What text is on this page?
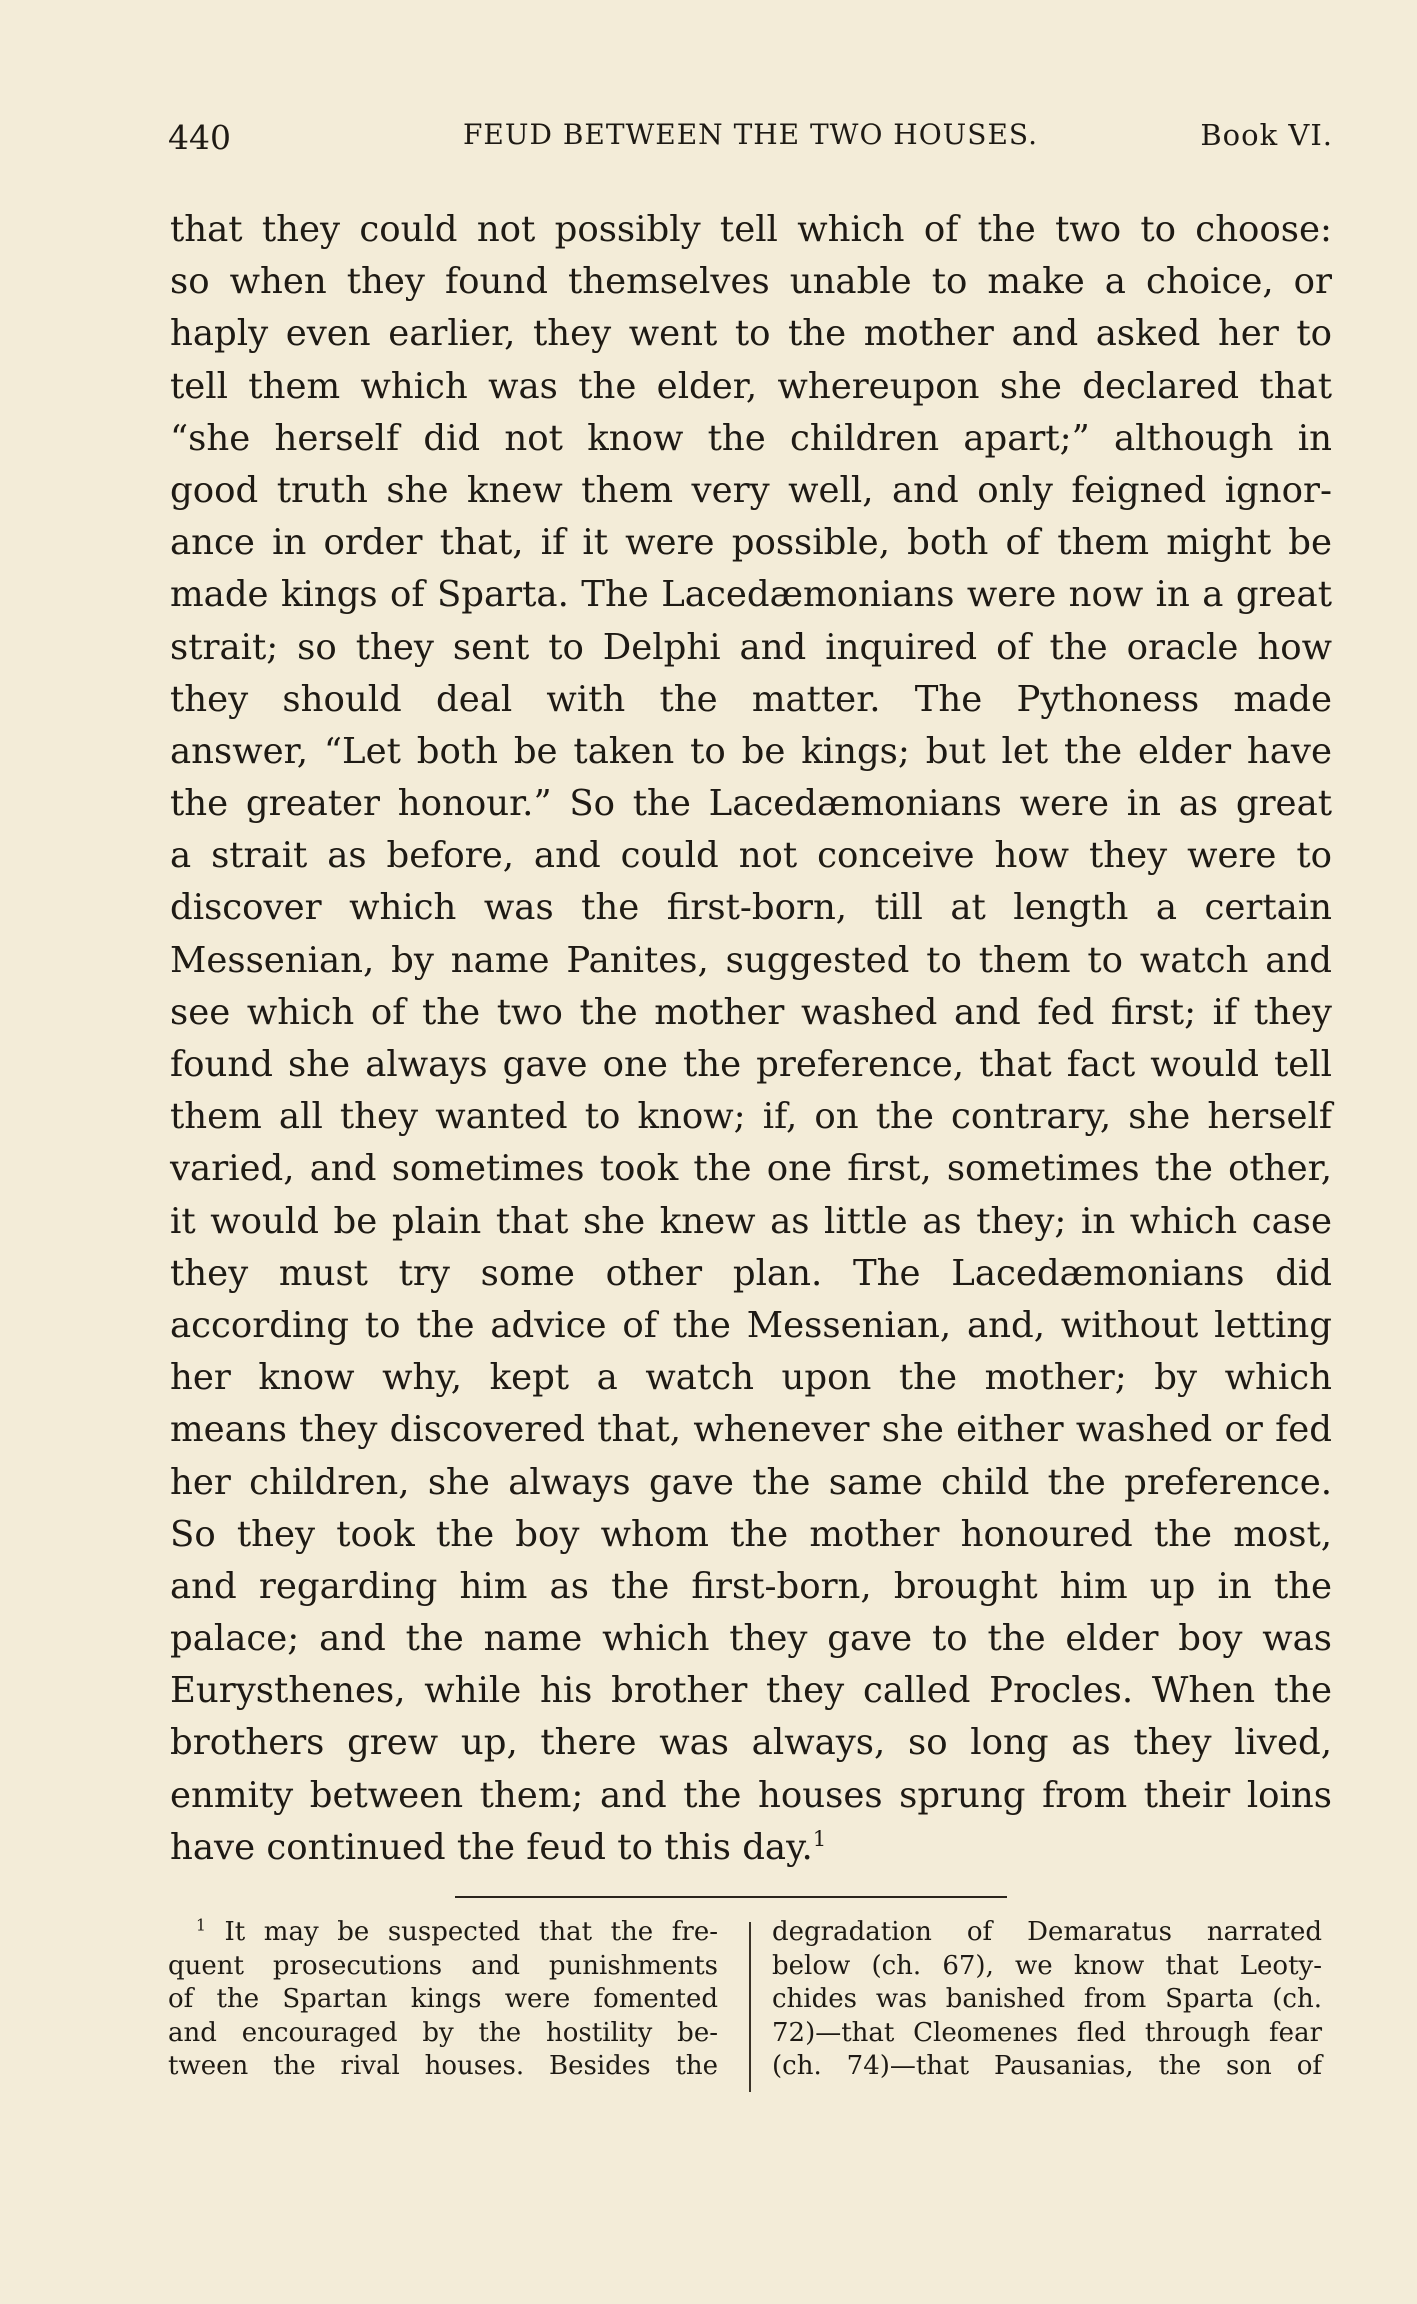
440	FEUD BETWEEN THE TWO HOUSES.	Book VI.
that they could not possibly tell which of the two to choose:
so when they found themselves unable to make a choice, or
haply even earlier, they went to the mother and asked her to
tell them which was the elder, whereupon she declared that
“she herself did not know the children apart;” although in
good truth she knew them very well, and only feigned ignor-
ance in order that, if it were possible, both of them might be
made kings of Sparta. The Lacedæmonians were now in a great
strait; so they sent to Delphi and inquired of the oracle how
they should deal with the matter. The Pythoness made
answer, “Let both be taken to be kings; but let the elder have
the greater honour.” So the Lacedæmonians were in as great
a strait as before, and could not conceive how they were to
discover which was the first-born, till at length a certain
Messenian, by name Panites, suggested to them to watch and
see which of the two the mother washed and fed first; if they
found she always gave one the preference, that fact would tell
them all they wanted to know; if, on the contrary, she herself
varied, and sometimes took the one first, sometimes the other,
it would be plain that she knew as little as they; in which case
they must try some other plan. The Lacedæmonians did
according to the advice of the Messenian, and, without letting
her know why, kept a watch upon the mother; by which
means they discovered that, whenever she either washed or fed
her children, she always gave the same child the preference.
So they took the boy whom the mother honoured the most,
and regarding him as the first-born, brought him up in the
palace; and the name which they gave to the elder boy was
Eurysthenes, while his brother they called Procles. When the
brothers grew up, there was always, so long as they lived,
enmity between them; and the houses sprung from their loins
have continued the feud to this day.$^1$
$^1$ It may be suspected that the fre-
quent prosecutions and punishments
of the Spartan kings were fomented
and encouraged by the hostility be-
tween the rival houses. Besides the
degradation of Demaratus narrated
below (ch. 67), we know that Leoty-
chides was banished from Sparta (ch.
72)—that Cleomenes fled through fear
(ch. 74)—that Pausanias, the son of
